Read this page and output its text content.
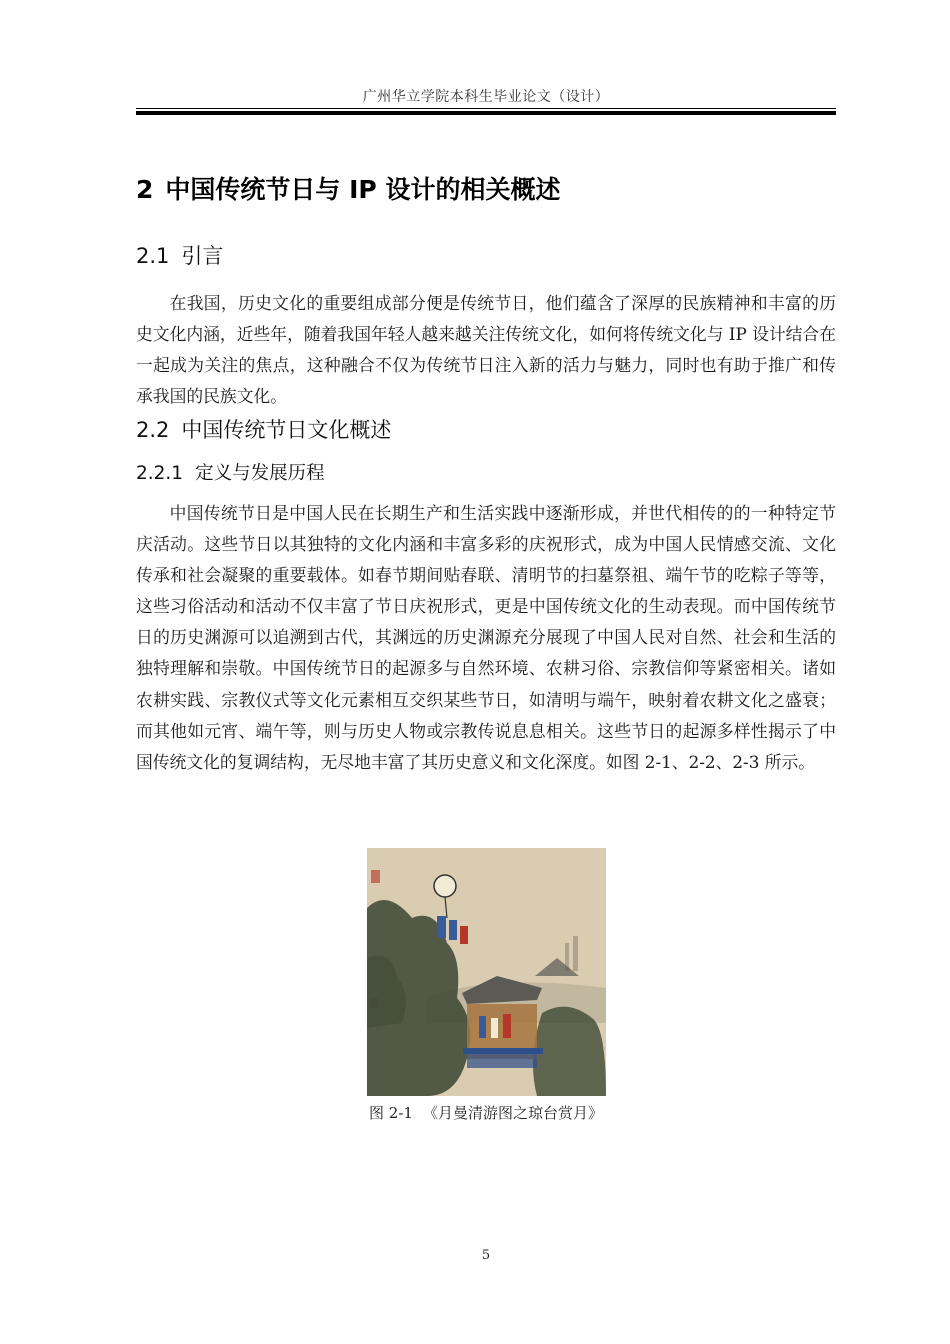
广州华立学院本科生毕业论文（设计）
2 中国传统节日与 IP 设计的相关概述
2.1 引言

在我国，历史文化的重要组成部分便是传统节日，他们蕴含了深厚的民族精神和丰富的历史文化内涵，近些年，随着我国年轻人越来越关注传统文化，如何将传统文化与 IP 设计结合在一起成为关注的焦点，这种融合不仅为传统节日注入新的活力与魅力，同时也有助于推广和传承我国的民族文化。

2.2 中国传统节日文化概述
2.2.1 定义与发展历程

中国传统节日是中国人民在长期生产和生活实践中逐渐形成，并世代相传的的一种特定节庆活动。这些节日以其独特的文化内涵和丰富多彩的庆祝形式，成为中国人民情感交流、文化传承和社会凝聚的重要载体。如春节期间贴春联、清明节的扫墓祭祖、端午节的吃粽子等等，这些习俗活动和活动不仅丰富了节日庆祝形式，更是中国传统文化的生动表现。而中国传统节日的历史渊源可以追溯到古代，其渊远的历史渊源充分展现了中国人民对自然、社会和生活的独特理解和崇敬。中国传统节日的起源多与自然环境、农耕习俗、宗教信仰等紧密相关。诸如农耕实践、宗教仪式等文化元素相互交织某些节日，如清明与端午，映射着农耕文化之盛衰；而其他如元宵、端午等，则与历史人物或宗教传说息息相关。这些节日的起源多样性揭示了中国传统文化的复调结构，无尽地丰富了其历史意义和文化深度。如图 2-1、2-2、2-3 所示。

图 2-1 《月曼清游图之琼台赏月》
5
